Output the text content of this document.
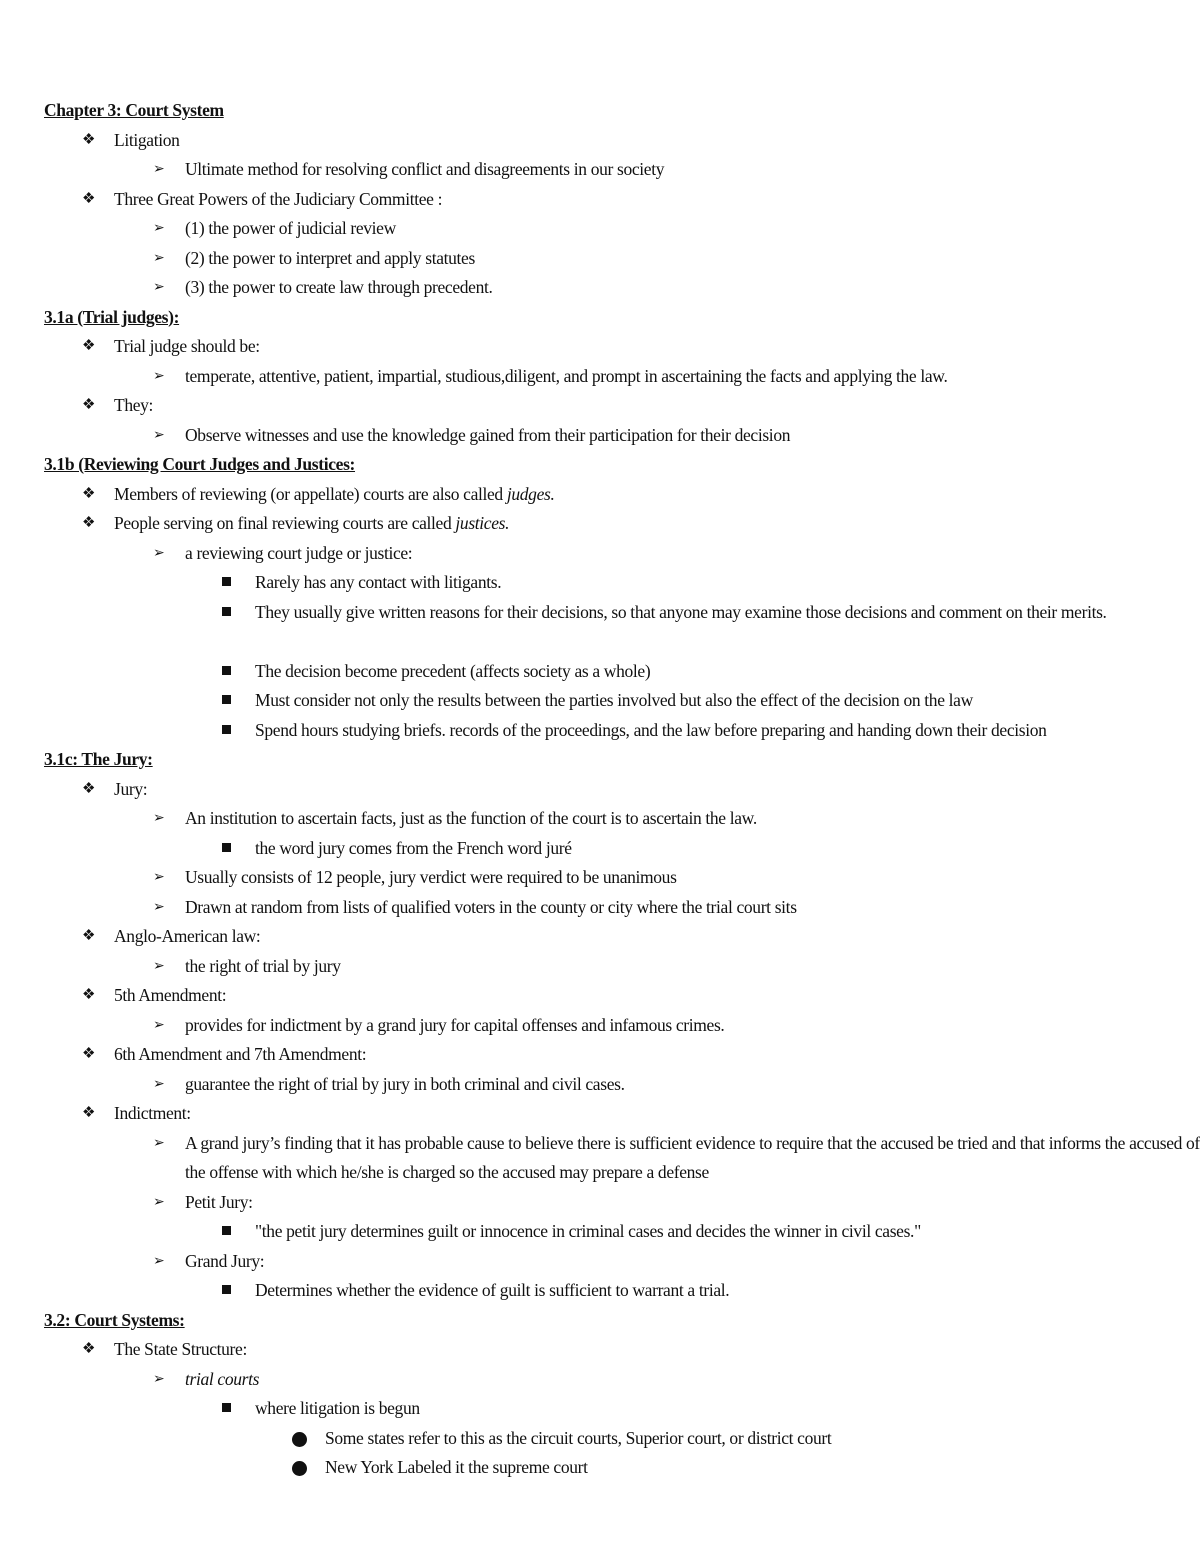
Chapter 3: Court System
❖ Litigation
➢ Ultimate method for resolving conflict and disagreements in our society
❖ Three Great Powers of the Judiciary Committee :
➢ (1) the power of judicial review
➢ (2) the power to interpret and apply statutes
➢ (3) the power to create law through precedent.
3.1a (Trial judges):
❖ Trial judge should be:
➢ temperate, attentive, patient, impartial, studious,diligent, and prompt in ascertaining the facts and applying the law.
❖ They:
➢ Observe witnesses and use the knowledge gained from their participation for their decision
3.1b (Reviewing Court Judges and Justices:
❖ Members of reviewing (or appellate) courts are also called judges.
❖ People serving on final reviewing courts are called justices.
➢ a reviewing court judge or justice:
Rarely has any contact with litigants.
They usually give written reasons for their decisions, so that anyone may examine those decisions and comment on their merits.
The decision become precedent (affects society as a whole)
Must consider not only the results between the parties involved but also the effect of the decision on the law
Spend hours studying briefs. records of the proceedings, and the law before preparing and handing down their decision
3.1c: The Jury:
❖ Jury:
➢ An institution to ascertain facts, just as the function of the court is to ascertain the law.
the word jury comes from the French word juré
➢ Usually consists of 12 people, jury verdict were required to be unanimous
➢ Drawn at random from lists of qualified voters in the county or city where the trial court sits
❖ Anglo-American law:
➢ the right of trial by jury
❖ 5th Amendment:
➢ provides for indictment by a grand jury for capital offenses and infamous crimes.
❖ 6th Amendment and 7th Amendment:
➢ guarantee the right of trial by jury in both criminal and civil cases.
❖ Indictment:
➢ A grand jury’s finding that it has probable cause to believe there is sufficient evidence to require that the accused be tried and that informs the accused of the offense with which he/she is charged so the accused may prepare a defense
➢ Petit Jury:
"the petit jury determines guilt or innocence in criminal cases and decides the winner in civil cases."
➢ Grand Jury:
Determines whether the evidence of guilt is sufficient to warrant a trial.
3.2: Court Systems:
❖ The State Structure:
➢ trial courts
where litigation is begun
Some states refer to this as the circuit courts, Superior court, or district court
New York Labeled it the supreme court
